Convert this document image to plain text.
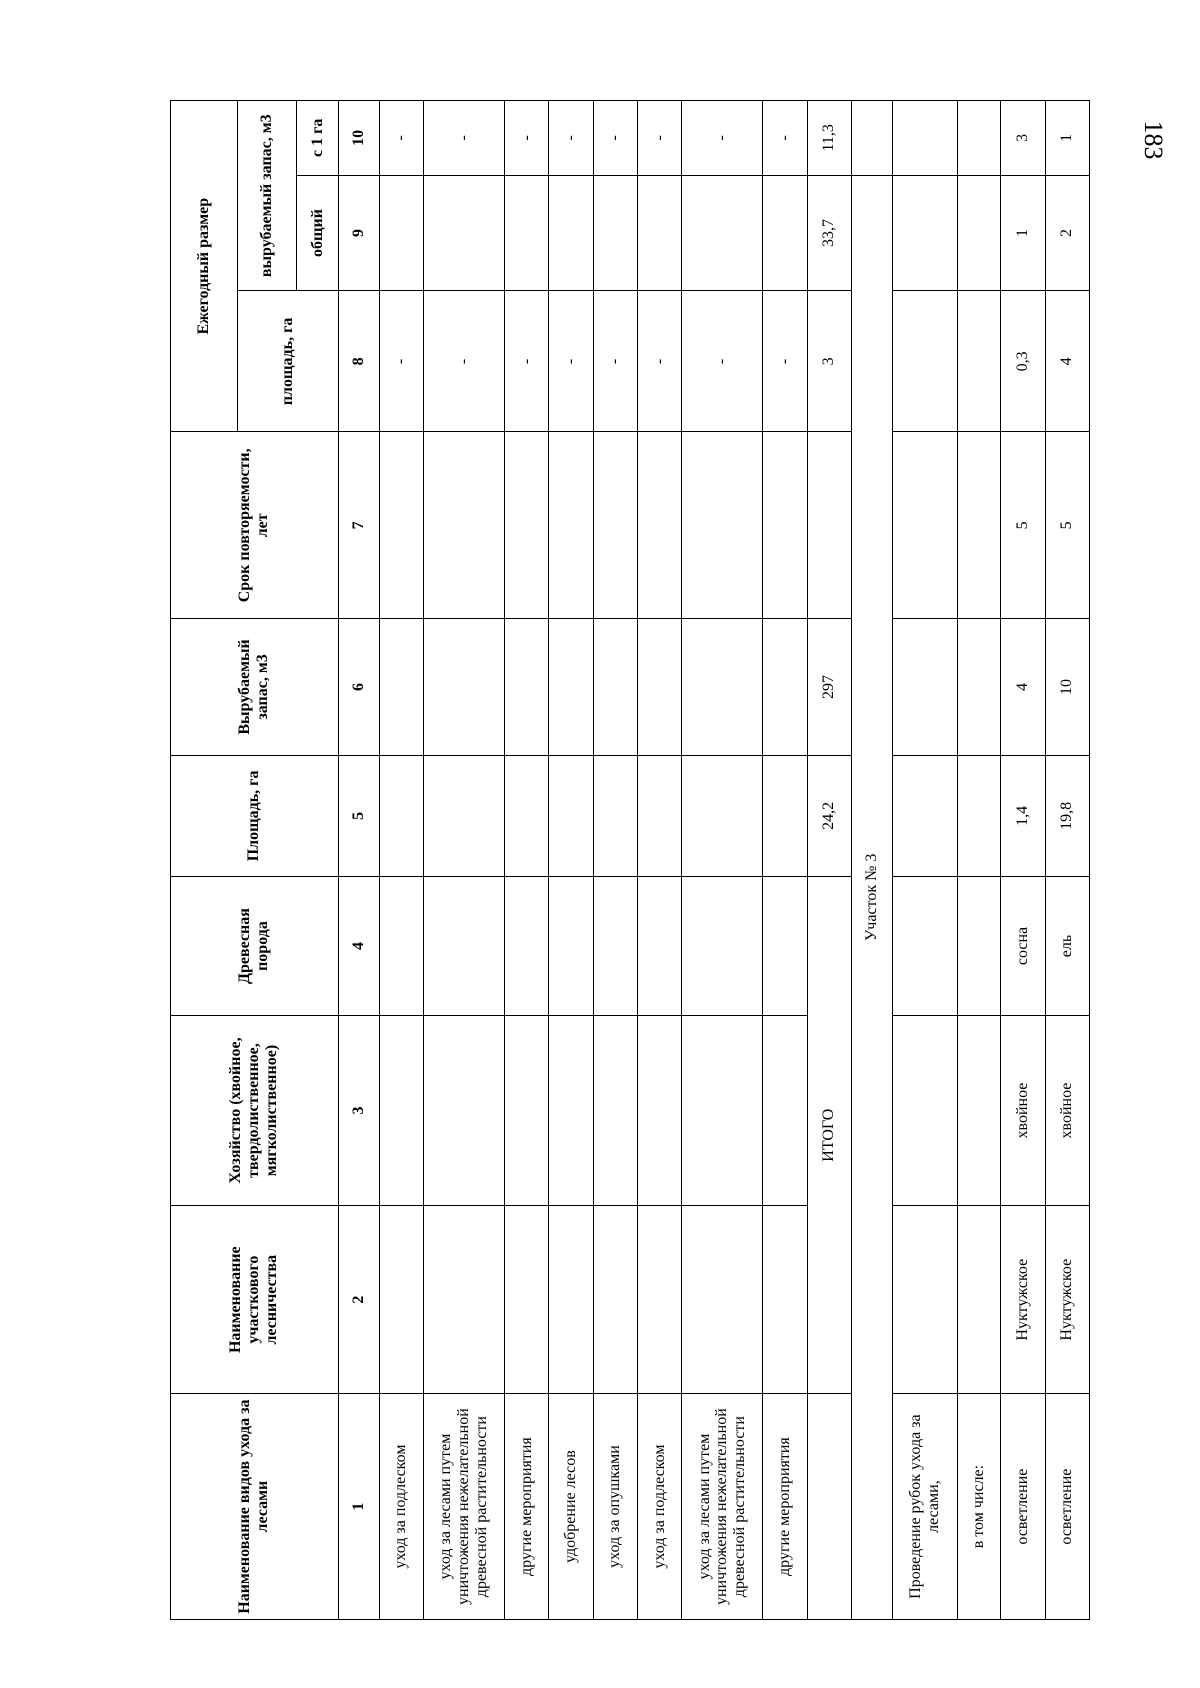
183
Наименование видов ухода за лесами	Наименование участкового лесничества	Хозяйство (хвойное, твердолиственное, мягколиственное)	Древесная порода	Площадь, га	Вырубаемый запас, м3	Срок повторяемости, лет	Ежегодный размер		
							площадь, га	вырубаемый запас, м3	
								общий	с 1 га
1	2	3	4	5	6	7	8	9	10
уход за подлеском							-		-
уход за лесами путем уничтожения нежелательной древесной растительности							-		-
другие мероприятия							-		-
удобрение лесов							-		-
уход за опушками							-		-
уход за подлеском							-		-
уход за лесами путем уничтожения нежелательной древесной растительности							-		-
другие мероприятия							-		-
	ИТОГО			24,2	297		3	33,7	11,3
Участок № 3									
Проведение рубок ухода за лесами,									
в том числе:									
осветление	Нуктужское	хвойное	сосна	1,4	4	5	0,3	1	3
осветление	Нуктужское	хвойное	ель	19,8	10	5	4	2	1
